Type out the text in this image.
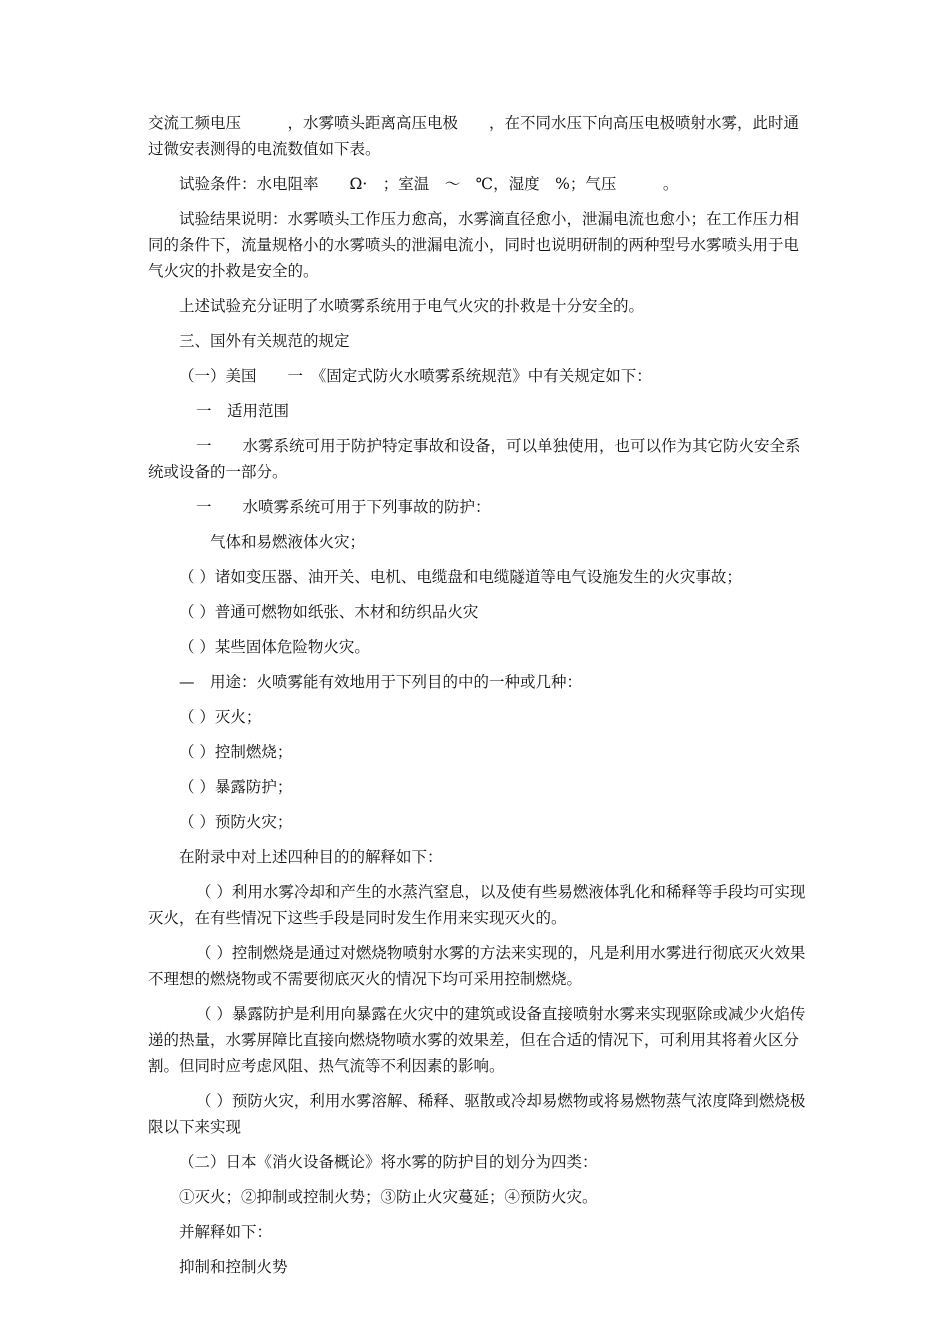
交流工频电压　　　，水雾喷头距离高压电极　　，在不同水压下向高压电极喷射水雾，此时通过微安表测得的电流数值如下表。

试验条件：水电阻率　　Ω·　；室温　～　℃，湿度　%；气压　　　。

试验结果说明：水雾喷头工作压力愈高，水雾滴直径愈小，泄漏电流也愈小；在工作压力相同的条件下，流量规格小的水雾喷头的泄漏电流小，同时也说明研制的两种型号水雾喷头用于电气火灾的扑救是安全的。

上述试验充分证明了水喷雾系统用于电气火灾的扑救是十分安全的。

三、国外有关规范的规定

（一）美国　　一　《固定式防火水喷雾系统规范》中有关规定如下：

一　适用范围

一　　水雾系统可用于防护特定事故和设备，可以单独使用，也可以作为其它防火安全系统或设备的一部分。

一　　水喷雾系统可用于下列事故的防护：

气体和易燃液体火灾；

（ ）诸如变压器、油开关、电机、电缆盘和电缆隧道等电气设施发生的火灾事故；

（ ）普通可燃物如纸张、木材和纺织品火灾

（ ）某些固体危险物火灾。

—　用途：火喷雾能有效地用于下列目的中的一种或几种：

（ ）灭火；

（ ）控制燃烧；

（ ）暴露防护；

（ ）预防火灾；

在附录中对上述四种目的的解释如下：

（ ）利用水雾冷却和产生的水蒸汽窒息，以及使有些易燃液体乳化和稀释等手段均可实现灭火，在有些情况下这些手段是同时发生作用来实现灭火的。

（ ）控制燃烧是通过对燃烧物喷射水雾的方法来实现的，凡是利用水雾进行彻底灭火效果不理想的燃烧物或不需要彻底灭火的情况下均可采用控制燃烧。

（ ）暴露防护是利用向暴露在火灾中的建筑或设备直接喷射水雾来实现驱除或减少火焰传递的热量，水雾屏障比直接向燃烧物喷水雾的效果差，但在合适的情况下，可利用其将着火区分割。但同时应考虑风阻、热气流等不利因素的影响。

（ ）预防火灾，利用水雾溶解、稀释、驱散或冷却易燃物或将易燃物蒸气浓度降到燃烧极限以下来实现

（二）日本《消火设备概论》将水雾的防护目的划分为四类：

①灭火；②抑制或控制火势；③防止火灾蔓延；④预防火灾。

并解释如下：

抑制和控制火势
